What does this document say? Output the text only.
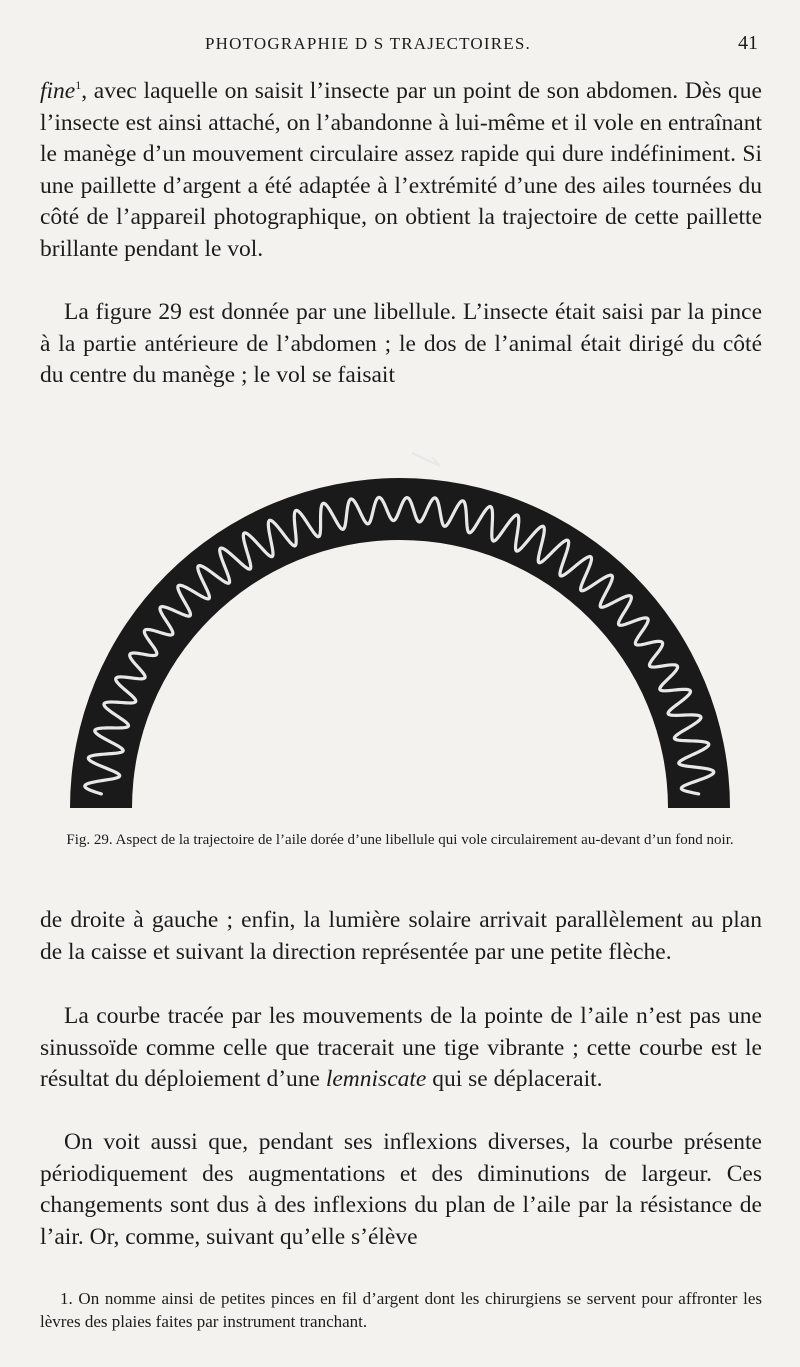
PHOTOGRAPHIE D S TRAJECTOIRES.	41

fine$^1$, avec laquelle on saisit l’insecte par un point de son abdomen. Dès que l’insecte est ainsi attaché, on l’abandonne à lui-même et il vole en entraînant le manège d’un mouvement circulaire assez rapide qui dure indéfiniment. Si une paillette d’argent a été adaptée à l’extrémité d’une des ailes tournées du côté de l’appareil photographique, on obtient la trajectoire de cette paillette brillante pendant le vol.

La figure 29 est donnée par une libellule. L’insecte était saisi par la pince à la partie antérieure de l’abdomen ; le dos de l’animal était dirigé du côté du centre du manège ; le vol se faisait

Fig. 29. Aspect de la trajectoire de l’aile dorée d’une libellule qui vole circulairement au-devant d’un fond noir.

de droite à gauche ; enfin, la lumière solaire arrivait parallèlement au plan de la caisse et suivant la direction représentée par une petite flèche.

La courbe tracée par les mouvements de la pointe de l’aile n’est pas une sinussoïde comme celle que tracerait une tige vibrante ; cette courbe est le résultat du déploiement d’une lemniscate qui se déplacerait.

On voit aussi que, pendant ses inflexions diverses, la courbe présente périodiquement des augmentations et des diminutions de largeur. Ces changements sont dus à des inflexions du plan de l’aile par la résistance de l’air. Or, comme, suivant qu’elle s’élève

1. On nomme ainsi de petites pinces en fil d’argent dont les chirurgiens se servent pour affronter les lèvres des plaies faites par instrument tranchant.
